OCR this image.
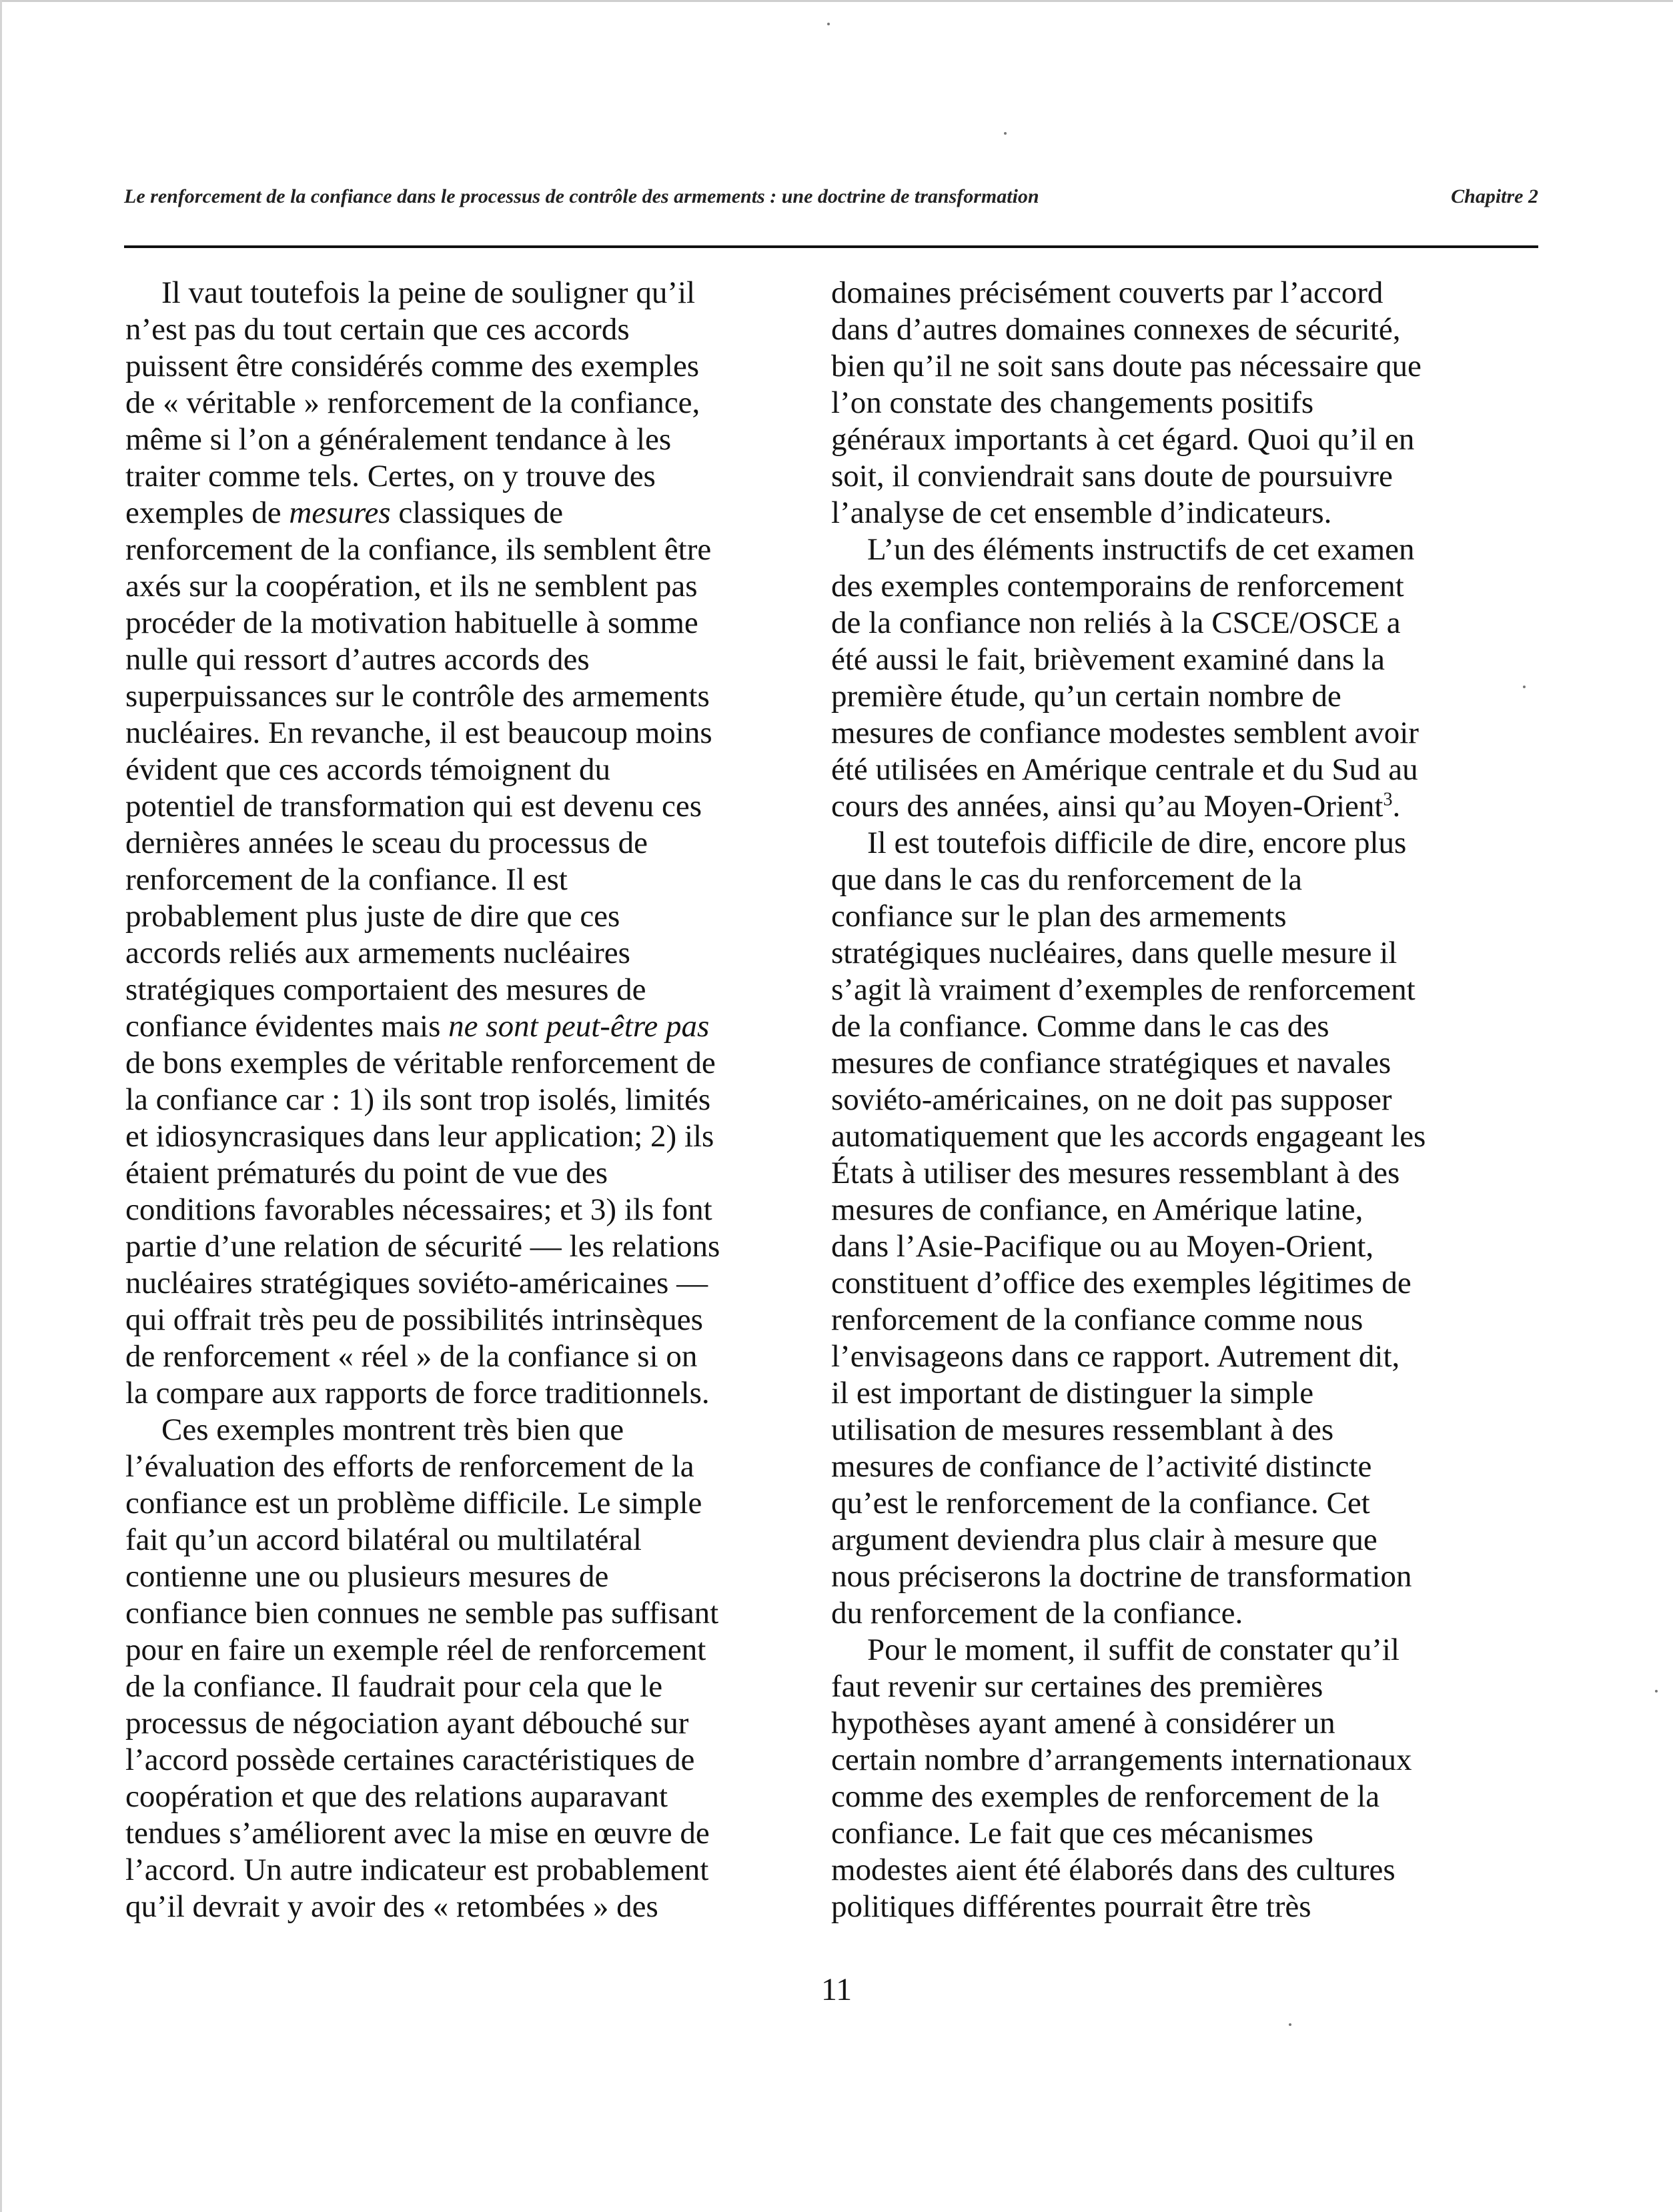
Le renforcement de la confiance dans le processus de contrôle des armements : une doctrine de transformation	Chapitre 2
Il vaut toutefois la peine de souligner qu’il
n’est pas du tout certain que ces accords
puissent être considérés comme des exemples
de « véritable » renforcement de la confiance,
même si l’on a généralement tendance à les
traiter comme tels. Certes, on y trouve des
exemples de mesures classiques de
renforcement de la confiance, ils semblent être
axés sur la coopération, et ils ne semblent pas
procéder de la motivation habituelle à somme
nulle qui ressort d’autres accords des
superpuissances sur le contrôle des armements
nucléaires. En revanche, il est beaucoup moins
évident que ces accords témoignent du
potentiel de transformation qui est devenu ces
dernières années le sceau du processus de
renforcement de la confiance. Il est
probablement plus juste de dire que ces
accords reliés aux armements nucléaires
stratégiques comportaient des mesures de
confiance évidentes mais ne sont peut-être pas
de bons exemples de véritable renforcement de
la confiance car : 1) ils sont trop isolés, limités
et idiosyncrasiques dans leur application; 2) ils
étaient prématurés du point de vue des
conditions favorables nécessaires; et 3) ils font
partie d’une relation de sécurité — les relations
nucléaires stratégiques soviéto-américaines —
qui offrait très peu de possibilités intrinsèques
de renforcement « réel » de la confiance si on
la compare aux rapports de force traditionnels.
Ces exemples montrent très bien que
l’évaluation des efforts de renforcement de la
confiance est un problème difficile. Le simple
fait qu’un accord bilatéral ou multilatéral
contienne une ou plusieurs mesures de
confiance bien connues ne semble pas suffisant
pour en faire un exemple réel de renforcement
de la confiance. Il faudrait pour cela que le
processus de négociation ayant débouché sur
l’accord possède certaines caractéristiques de
coopération et que des relations auparavant
tendues s’améliorent avec la mise en œuvre de
l’accord. Un autre indicateur est probablement
qu’il devrait y avoir des « retombées » des
domaines précisément couverts par l’accord
dans d’autres domaines connexes de sécurité,
bien qu’il ne soit sans doute pas nécessaire que
l’on constate des changements positifs
généraux importants à cet égard. Quoi qu’il en
soit, il conviendrait sans doute de poursuivre
l’analyse de cet ensemble d’indicateurs.
L’un des éléments instructifs de cet examen
des exemples contemporains de renforcement
de la confiance non reliés à la CSCE/OSCE a
été aussi le fait, brièvement examiné dans la
première étude, qu’un certain nombre de
mesures de confiance modestes semblent avoir
été utilisées en Amérique centrale et du Sud au
cours des années, ainsi qu’au Moyen-Orient$^3$.
Il est toutefois difficile de dire, encore plus
que dans le cas du renforcement de la
confiance sur le plan des armements
stratégiques nucléaires, dans quelle mesure il
s’agit là vraiment d’exemples de renforcement
de la confiance. Comme dans le cas des
mesures de confiance stratégiques et navales
soviéto-américaines, on ne doit pas supposer
automatiquement que les accords engageant les
États à utiliser des mesures ressemblant à des
mesures de confiance, en Amérique latine,
dans l’Asie-Pacifique ou au Moyen-Orient,
constituent d’office des exemples légitimes de
renforcement de la confiance comme nous
l’envisageons dans ce rapport. Autrement dit,
il est important de distinguer la simple
utilisation de mesures ressemblant à des
mesures de confiance de l’activité distincte
qu’est le renforcement de la confiance. Cet
argument deviendra plus clair à mesure que
nous préciserons la doctrine de transformation
du renforcement de la confiance.
Pour le moment, il suffit de constater qu’il
faut revenir sur certaines des premières
hypothèses ayant amené à considérer un
certain nombre d’arrangements internationaux
comme des exemples de renforcement de la
confiance. Le fait que ces mécanismes
modestes aient été élaborés dans des cultures
politiques différentes pourrait être très
11
